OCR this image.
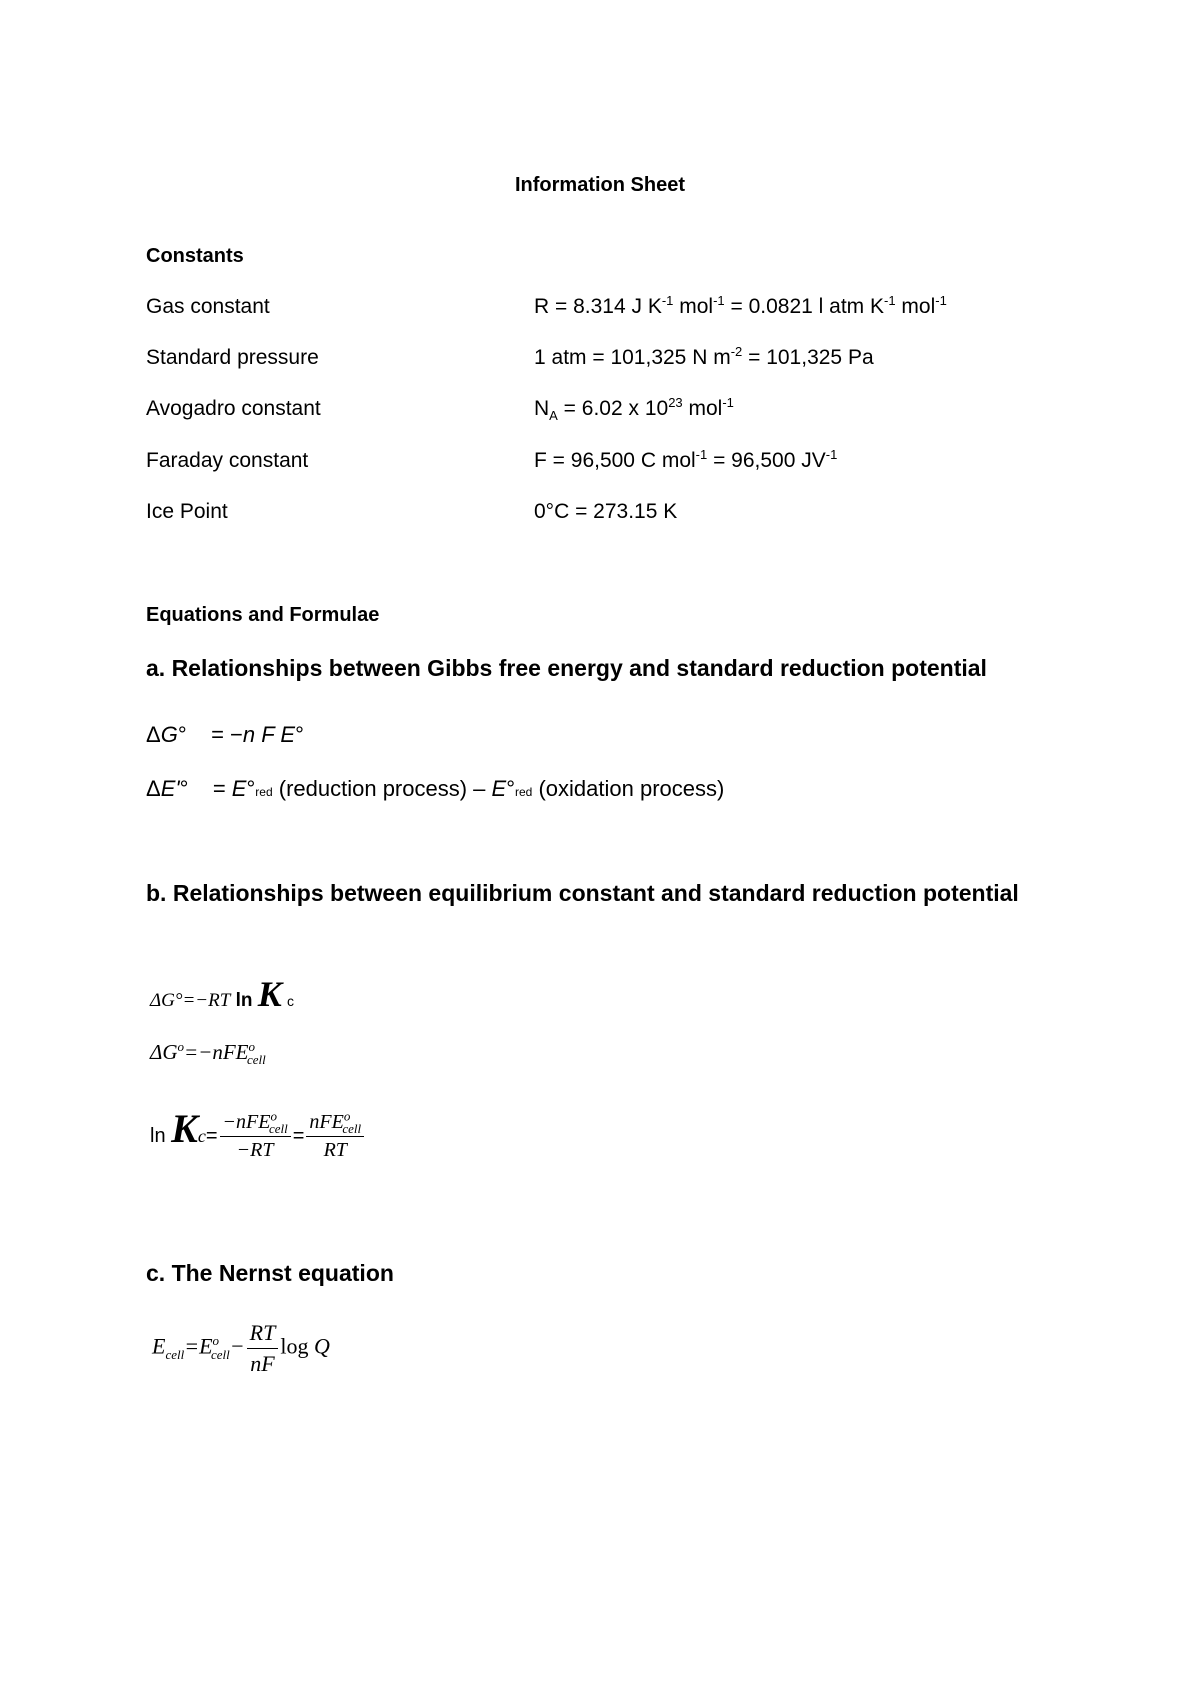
Information Sheet
Constants
Gas constant	R = 8.314 J $K^{-1}$ mol$^{-1}$ = 0.0821 l atm $K^{-1}$ mol$^{-1}$
Standard pressure	1 atm = 101,325 N $m^{-2} = 101,325$ Pa
Avogadro constant	$N_A = 6.02$ x $10^{23}$ mol$^{-1}$
Faraday constant	F = 96,500 C mol$^{-1}$ = 96,500 $JV^{-1}$
Ice Point	0°C = 273.15 K
Equations and Formulae
a. Relationships between Gibbs free energy and standard reduction potential
ΔG°    = −n F E°
ΔE'°    = E°red (reduction process) – E°red (oxidation process)
b. Relationships between equilibrium constant and standard reduction potential
ΔG°=−RT ln K c
$\Delta G^o=-nFE^o_{cell}$
$\ln Kc= \frac{-nFE^o_{cell}}{-RT} = \frac{nFE^o_{cell}}{RT}$
c. The Nernst equation
$E_{cell}=E^o_{cell}- \frac{RT}{nF}$ log Q
